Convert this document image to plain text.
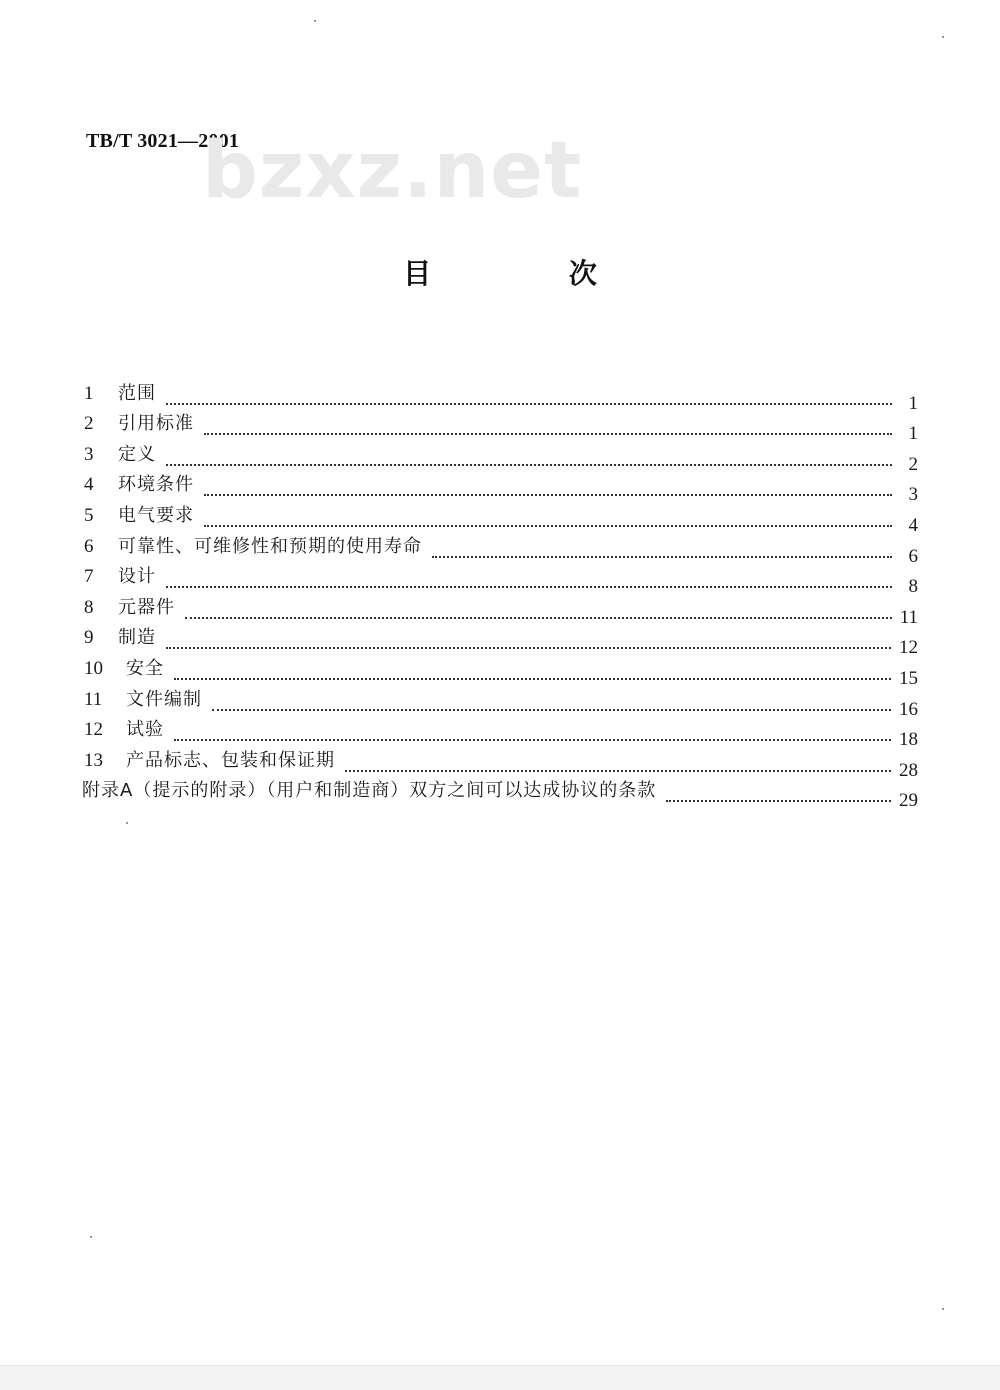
TB/T 3021—2001
bzxz.net
目 次
1	范围	1
2	引用标准	1
3	定义	2
4	环境条件	3
5	电气要求	4
6	可靠性、可维修性和预期的使用寿命	6
7	设计	8
8	元器件	11
9	制造	12
10	安全	15
11	文件编制	16
12	试验	18
13	产品标志、包装和保证期	28
附录A（提示的附录）（用户和制造商）双方之间可以达成协议的条款	29
